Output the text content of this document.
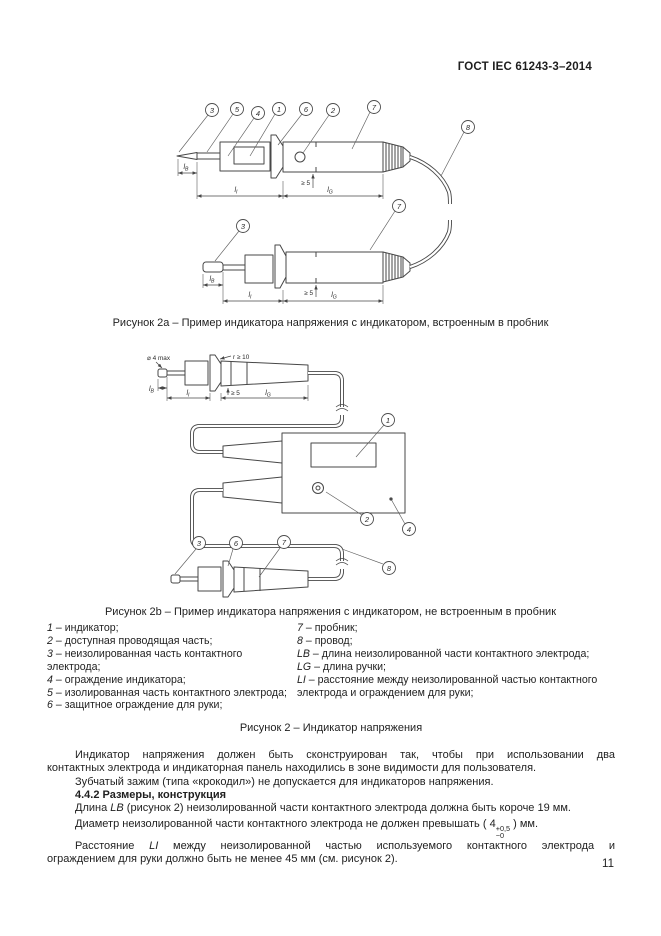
ГОСТ IEC 61243-3–2014
$l_B$
$l_I$	$l_G$
≥ 5
$l_B$
$l_I$	$l_G$
≥ 5
3	5 4 1	6	2	7
8
3
7
Рисунок 2a – Пример индикатора напряжения с индикатором, встроенным в пробник
⌀ 4 max	r ≥ 10
$l_B$	$l_I$	$l_G$
≥ 5
1
2
4
3	6	7
8
Рисунок 2b – Пример индикатора напряжения с индикатором, не встроенным в пробник
1 – индикатор;
2 – доступная проводящая часть;
3 – неизолированная часть контактного электрода;
4 – ограждение индикатора;
5 – изолированная часть контактного электрода;
6 – защитное ограждение для руки;
7 – пробник;
8 – провод;
LB – длина неизолированной части контактного электрода;
LG – длина ручки;
LI – расстояние между неизолированной частью контактного электрода и ограждением для руки;
Рисунок 2 – Индикатор напряжения
Индикатор напряжения должен быть сконструирован так, чтобы при использовании два
контактных электрода и индикаторная панель находились в зоне видимости для пользователя.

Зубчатый зажим (типа «крокодил») не допускается для индикаторов напряжения.

4.4.2 Размеры, конструкция

Длина LB (рисунок 2) неизолированной части контактного электрода должна быть короче 19 мм.

Диаметр неизолированной части контактного электрода не должен превышать ( 4 +0,5
−0
) мм.

Расстояние LI между неизолированной частью используемого контактного электрода и
ограждением для руки должно быть не менее 45 мм (см. рисунок 2).	11
